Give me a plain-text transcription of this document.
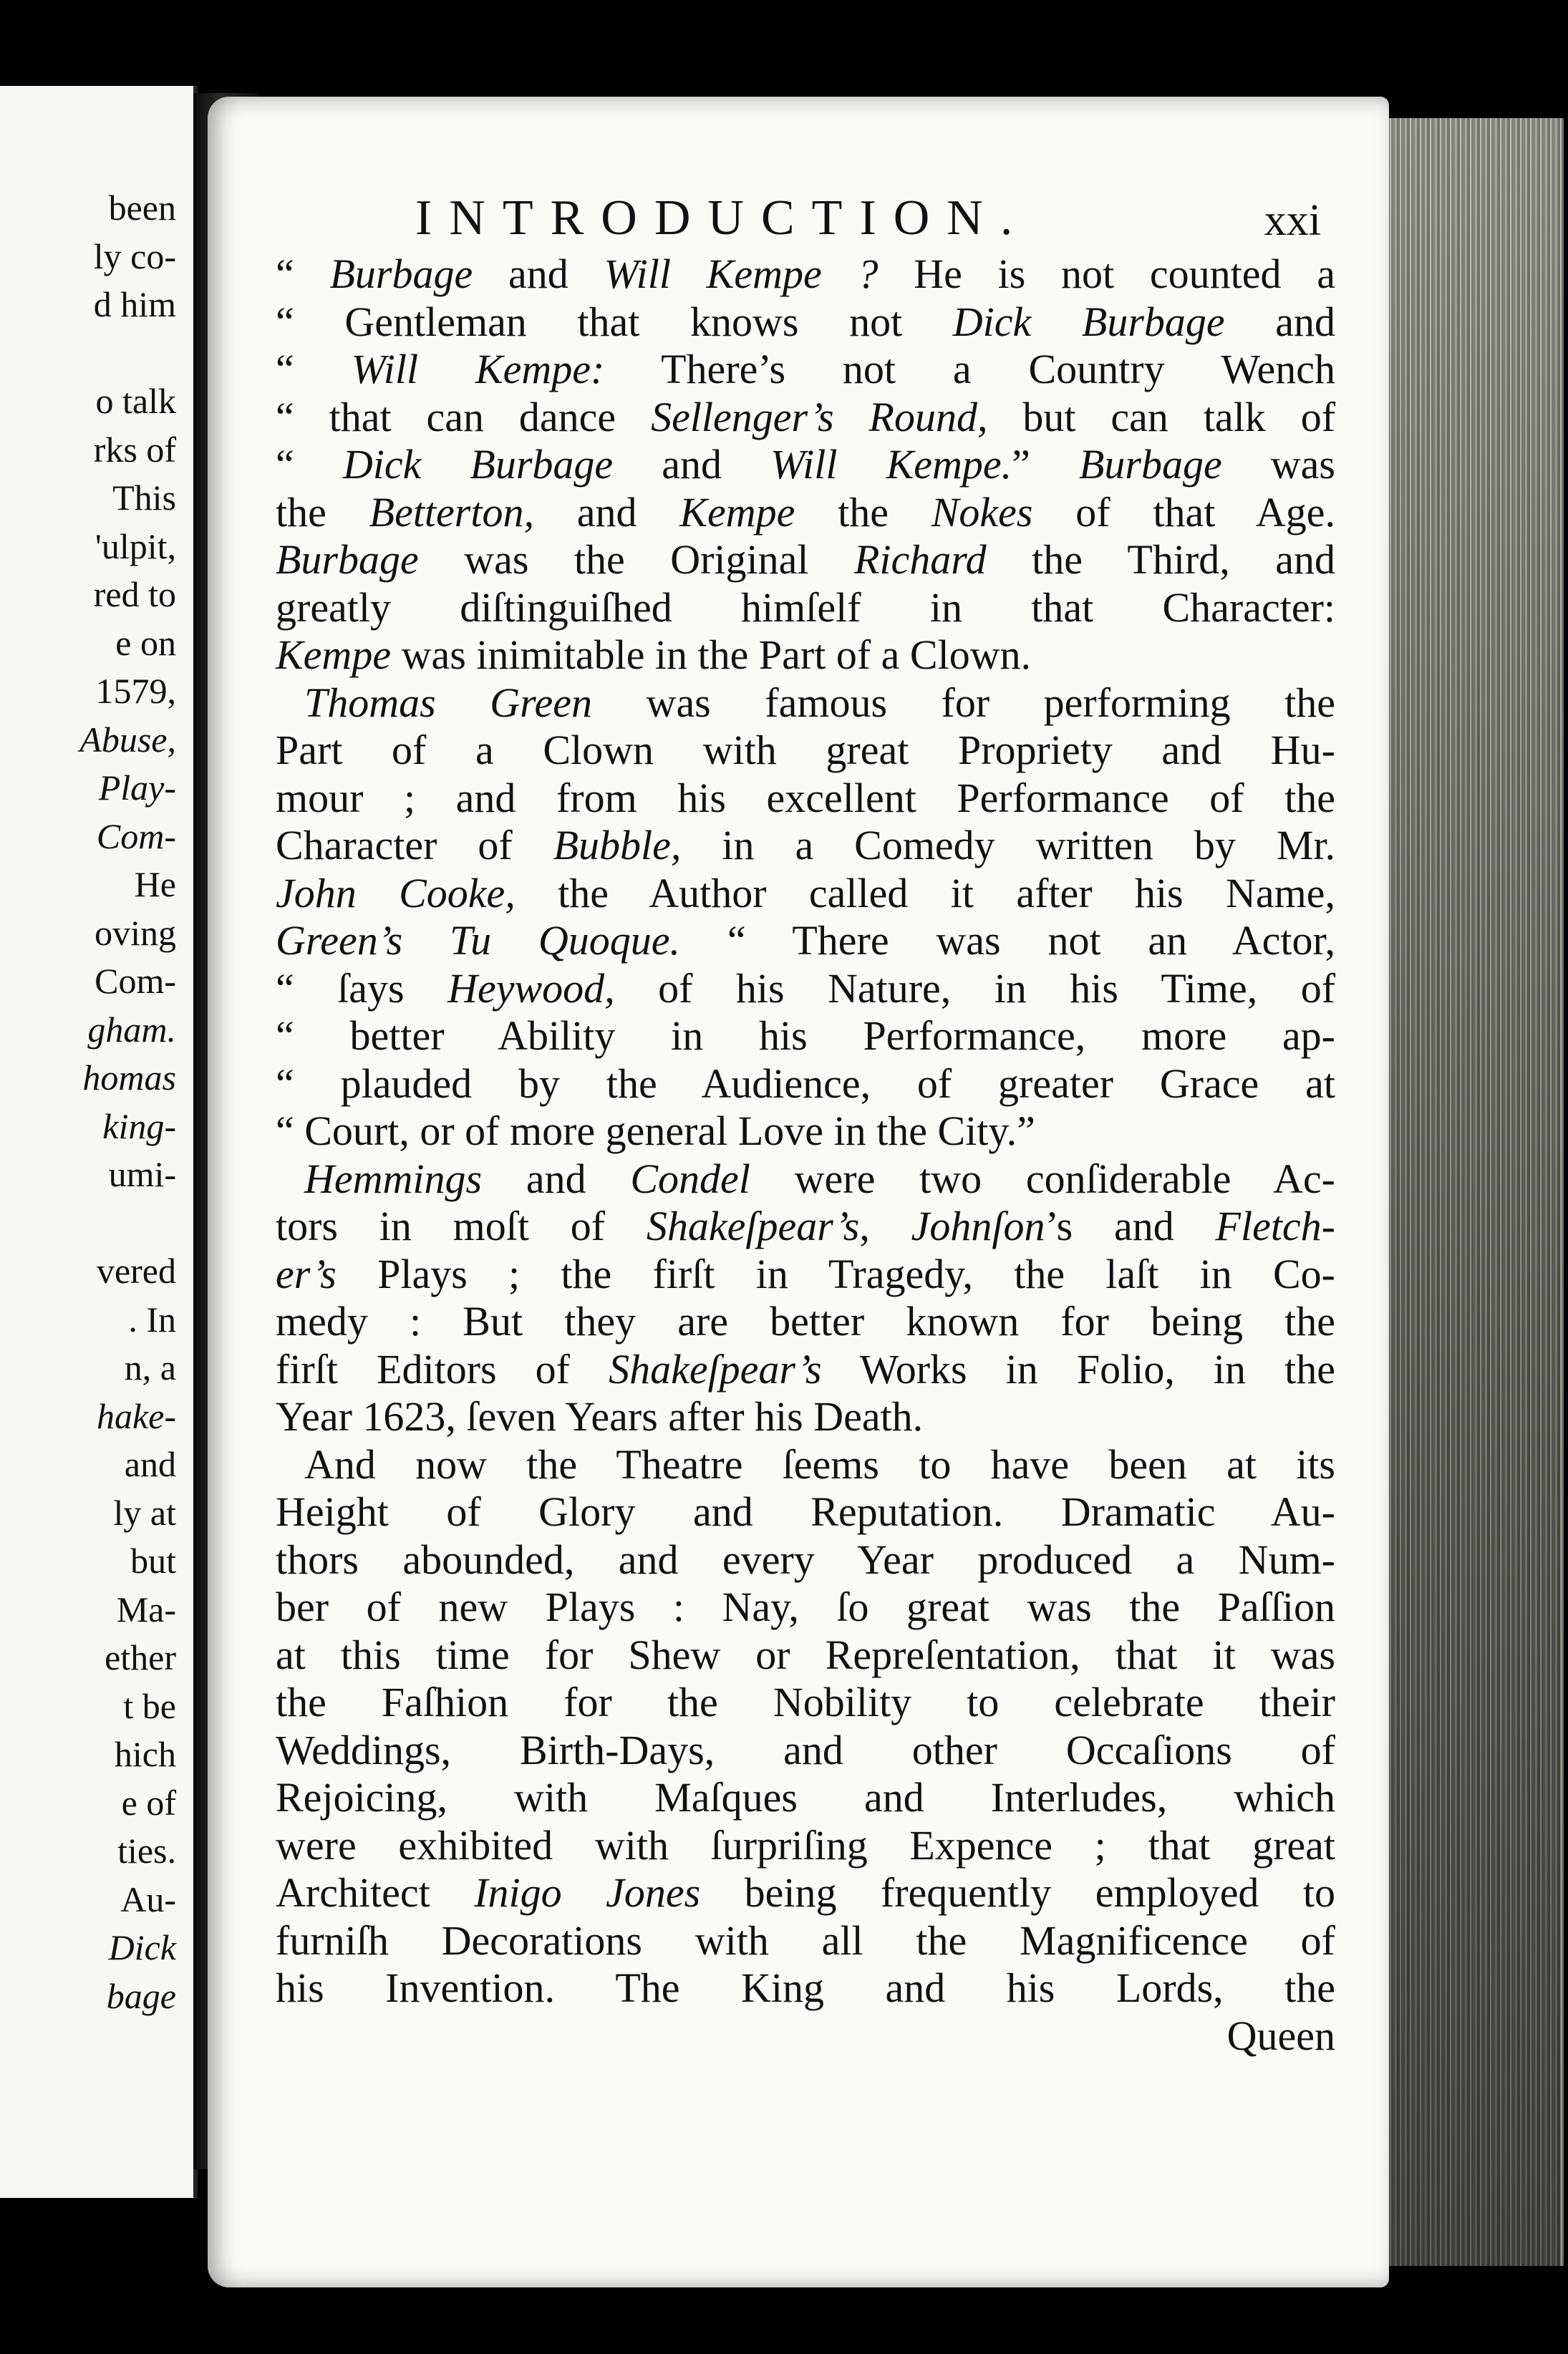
been
ly co-
d him
o talk
rks of
This
'ulpit,
red to
e on
1579,
Abuse,
Play-
Com-
He
oving
Com-
gham.
homas
king-
umi-
vered
. In
n, a
hake-
and
ly at
but
Ma-
ether
t be
hich
e of
ties.
Au-
Dick
bage
INTRODUCTION.	xxi
“ Burbage and Will Kempe ? He is not counted a
“ Gentleman that knows not Dick Burbage and
“ Will Kempe: There’s not a Country Wench
“ that can dance Sellenger’s Round, but can talk of
“ Dick Burbage and Will Kempe.” Burbage was
the Betterton, and Kempe the Nokes of that Age.
Burbage was the Original Richard the Third, and
greatly diſtinguiſhed himſelf in that Character:
Kempe was inimitable in the Part of a Clown.
Thomas Green was famous for performing the
Part of a Clown with great Propriety and Hu-
mour ; and from his excellent Performance of the
Character of Bubble, in a Comedy written by Mr.
John Cooke, the Author called it after his Name,
Green’s Tu Quoque. “ There was not an Actor,
“ ſays Heywood, of his Nature, in his Time, of
“ better Ability in his Performance, more ap-
“ plauded by the Audience, of greater Grace at
“ Court, or of more general Love in the City.”
Hemmings and Condel were two conſiderable Ac-
tors in moſt of Shakeſpear’s, Johnſon’s and Fletch-
er’s Plays ; the firſt in Tragedy, the laſt in Co-
medy : But they are better known for being the
firſt Editors of Shakeſpear’s Works in Folio, in the
Year 1623, ſeven Years after his Death.
And now the Theatre ſeems to have been at its
Height of Glory and Reputation. Dramatic Au-
thors abounded, and every Year produced a Num-
ber of new Plays : Nay, ſo great was the Paſſion
at this time for Shew or Repreſentation, that it was
the Faſhion for the Nobility to celebrate their
Weddings, Birth-Days, and other Occaſions of
Rejoicing, with Maſques and Interludes, which
were exhibited with ſurpriſing Expence ; that great
Architect Inigo Jones being frequently employed to
furniſh Decorations with all the Magnificence of
his Invention. The King and his Lords, the
Queen
